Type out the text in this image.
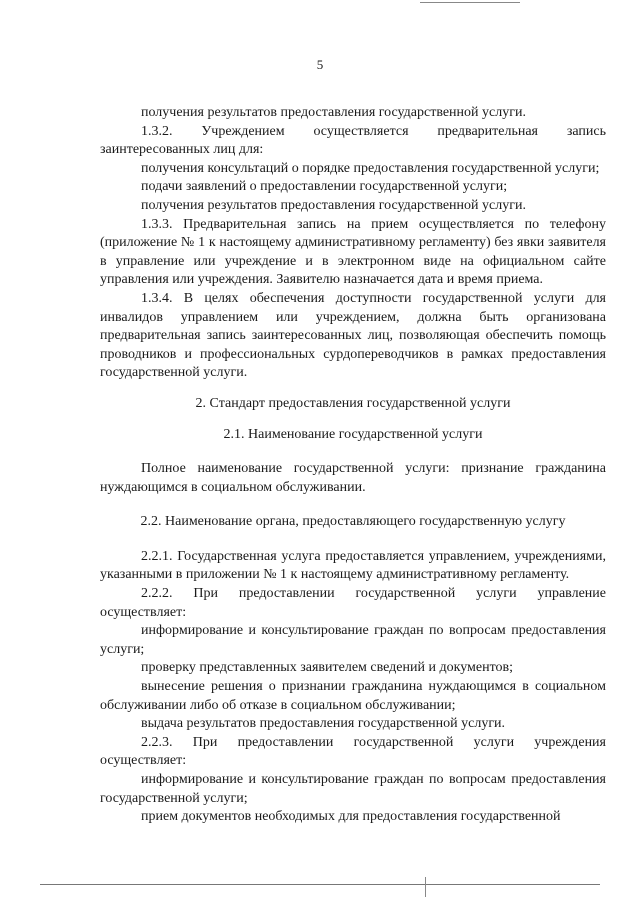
5

получения результатов предоставления государственной услуги.

1.3.2. Учреждением осуществляется предварительная запись заинтересованных лиц для:

получения консультаций о порядке предоставления государственной услуги;

подачи заявлений о предоставлении государственной услуги;

получения результатов предоставления государственной услуги.

1.3.3. Предварительная запись на прием осуществляется по телефону (приложение № 1 к настоящему административному регламенту) без явки заявителя в управление или учреждение и в электронном виде на официальном сайте управления или учреждения. Заявителю назначается дата и время приема.

1.3.4. В целях обеспечения доступности государственной услуги для инвалидов управлением или учреждением, должна быть организована предварительная запись заинтересованных лиц, позволяющая обеспечить помощь проводников и профессиональных сурдопереводчиков в рамках предоставления государственной услуги.

2. Стандарт предоставления государственной услуги

2.1. Наименование государственной услуги

Полное наименование государственной услуги: признание гражданина нуждающимся в социальном обслуживании.

2.2. Наименование органа, предоставляющего государственную услугу

2.2.1. Государственная услуга предоставляется управлением, учреждениями, указанными в приложении № 1 к настоящему административному регламенту.

2.2.2. При предоставлении государственной услуги управление осуществляет:

информирование и консультирование граждан по вопросам предоставления услуги;

проверку представленных заявителем сведений и документов;

вынесение решения о признании гражданина нуждающимся в социальном обслуживании либо об отказе в социальном обслуживании;

выдача результатов предоставления государственной услуги.

2.2.3. При предоставлении государственной услуги учреждения осуществляет:

информирование и консультирование граждан по вопросам предоставления государственной услуги;

прием документов необходимых для предоставления государственной
